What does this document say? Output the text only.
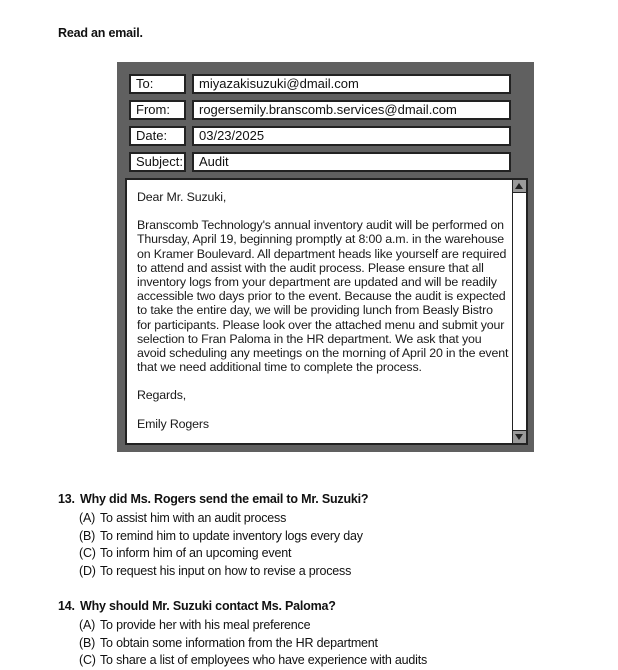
Read an email.
To:	miyazakisuzuki@dmail.com
From:	rogersemily.branscomb.services@dmail.com
Date:	03/23/2025
Subject:	Audit

Dear Mr. Suzuki,

Branscomb Technology's annual inventory audit will be performed on Thursday, April 19, beginning promptly at 8:00 a.m. in the warehouse on Kramer Boulevard. All department heads like yourself are required to attend and assist with the audit process. Please ensure that all inventory logs from your department are updated and will be readily accessible two days prior to the event. Because the audit is expected to take the entire day, we will be providing lunch from Beasly Bistro for participants. Please look over the attached menu and submit your selection to Fran Paloma in the HR department. We ask that you avoid scheduling any meetings on the morning of April 20 in the event that we need additional time to complete the process.

Regards,

Emily Rogers

13. Why did Ms. Rogers send the email to Mr. Suzuki?
(A) To assist him with an audit process
(B) To remind him to update inventory logs every day
(C) To inform him of an upcoming event
(D) To request his input on how to revise a process
14. Why should Mr. Suzuki contact Ms. Paloma?
(A) To provide her with his meal preference
(B) To obtain some information from the HR department
(C) To share a list of employees who have experience with audits
